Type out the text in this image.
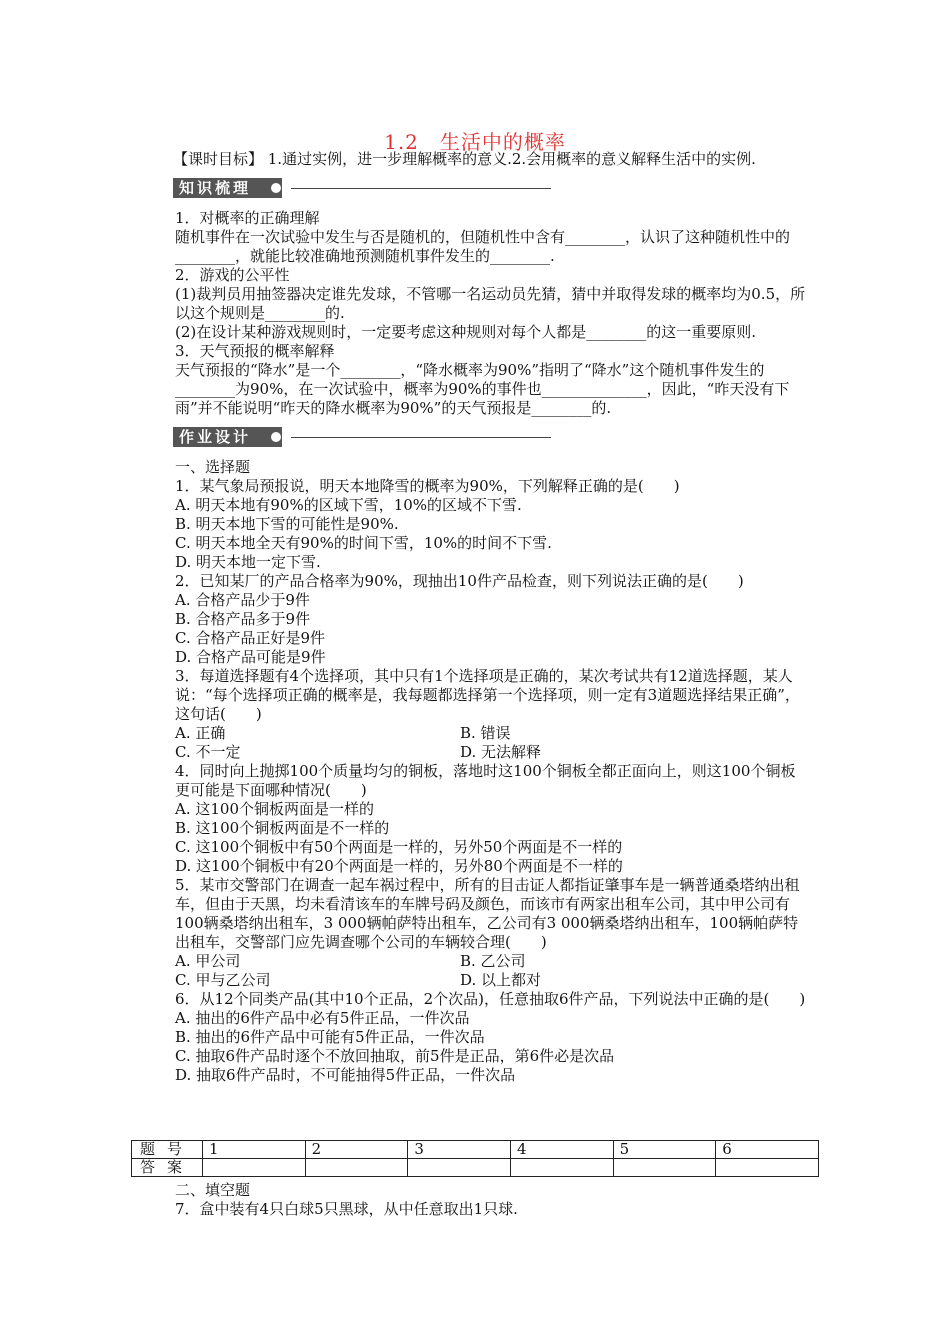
1.2　生活中的概率

【课时目标】 1.通过实例，进一步理解概率的意义.2.会用概率的意义解释生活中的实例.

知识梳理

1．对概率的正确理解

随机事件在一次试验中发生与否是随机的，但随机性中含有________，认识了这种随机性中的________，就能比较准确地预测随机事件发生的________.

2．游戏的公平性

(1)裁判员用抽签器决定谁先发球，不管哪一名运动员先猜，猜中并取得发球的概率均为0.5，所以这个规则是________的.

(2)在设计某种游戏规则时，一定要考虑这种规则对每个人都是________的这一重要原则.

3．天气预报的概率解释

天气预报的“降水”是一个________，“降水概率为90%”指明了“降水”这个随机事件发生的________为90%，在一次试验中，概率为90%的事件也______________，因此，“昨天没有下雨”并不能说明“昨天的降水概率为90%”的天气预报是________的.

作业设计

一、选择题

1．某气象局预报说，明天本地降雪的概率为90%，下列解释正确的是(　　)

A. 明天本地有90%的区域下雪，10%的区域不下雪.

B. 明天本地下雪的可能性是90%.

C. 明天本地全天有90%的时间下雪，10%的时间不下雪.

D. 明天本地一定下雪.

2．已知某厂的产品合格率为90%，现抽出10件产品检查，则下列说法正确的是(　　)

A. 合格产品少于9件

B. 合格产品多于9件

C. 合格产品正好是9件

D. 合格产品可能是9件

3．每道选择题有4个选择项，其中只有1个选择项是正确的，某次考试共有12道选择题，某人说：“每个选择项正确的概率是，我每题都选择第一个选择项，则一定有3道题选择结果正确”，这句话(　　)

A. 正确	B. 错误
C. 不一定	D. 无法解释

4．同时向上抛掷100个质量均匀的铜板，落地时这100个铜板全都正面向上，则这100个铜板更可能是下面哪种情况(　　)

A. 这100个铜板两面是一样的

B. 这100个铜板两面是不一样的

C. 这100个铜板中有50个两面是一样的，另外50个两面是不一样的

D. 这100个铜板中有20个两面是一样的，另外80个两面是不一样的

5．某市交警部门在调查一起车祸过程中，所有的目击证人都指证肇事车是一辆普通桑塔纳出租车，但由于天黑，均未看清该车的车牌号码及颜色，而该市有两家出租车公司，其中甲公司有100辆桑塔纳出租车，3 000辆帕萨特出租车，乙公司有3 000辆桑塔纳出租车，100辆帕萨特出租车，交警部门应先调查哪个公司的车辆较合理(　　)

A. 甲公司	B. 乙公司
C. 甲与乙公司	D. 以上都对

6．从12个同类产品(其中10个正品，2个次品)，任意抽取6件产品，下列说法中正确的是(　　)

A. 抽出的6件产品中必有5件正品，一件次品

B. 抽出的6件产品中可能有5件正品，一件次品

C. 抽取6件产品时逐个不放回抽取，前5件是正品，第6件必是次品

D. 抽取6件产品时，不可能抽得5件正品，一件次品

题号	1	2	3	4	5	6
答案						

二、填空题

7．盒中装有4只白球5只黑球，从中任意取出1只球.
